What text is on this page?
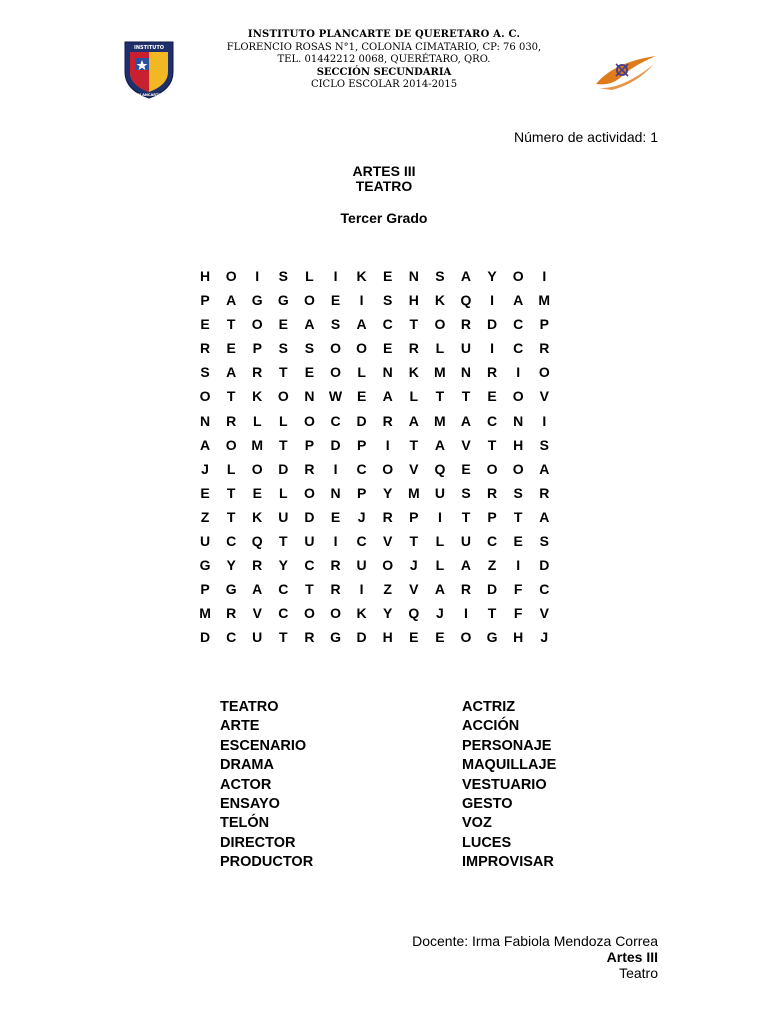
INSTITUTO
PLANCARTE
INSTITUTO PLANCARTE DE QUERÉTARO A. C.
FLORENCIO ROSAS N°1, COLONIA CIMATARIO, CP: 76 030,
TEL. 01442212 0068, QUERÉTARO, QRO.
SECCIÓN SECUNDARIA
CICLO ESCOLAR 2014-2015
Número de actividad: 1
ARTES III
TEATRO
Tercer Grado
H	O	I	S	L	I	K	E	N	S	A	Y	O	I
P	A	G	G	O	E	I	S	H	K	Q	I	A	M
E	T	O	E	A	S	A	C	T	O	R	D	C	P
R	E	P	S	S	O	O	E	R	L	U	I	C	R
S	A	R	T	E	O	L	N	K	M	N	R	I	O
O	T	K	O	N	W	E	A	L	T	T	E	O	V
N	R	L	L	O	C	D	R	A	M	A	C	N	I
A	O	M	T	P	D	P	I	T	A	V	T	H	S
J	L	O	D	R	I	C	O	V	Q	E	O	O	A
E	T	E	L	O	N	P	Y	M	U	S	R	S	R
Z	T	K	U	D	E	J	R	P	I	T	P	T	A
U	C	Q	T	U	I	C	V	T	L	U	C	E	S
G	Y	R	Y	C	R	U	O	J	L	A	Z	I	D
P	G	A	C	T	R	I	Z	V	A	R	D	F	C
M	R	V	C	O	O	K	Y	Q	J	I	T	F	V
D	C	U	T	R	G	D	H	E	E	O	G	H	J
TEATRO
ARTE
ESCENARIO
DRAMA
ACTOR
ENSAYO
TELÓN
DIRECTOR
PRODUCTOR
ACTRIZ
ACCIÓN
PERSONAJE
MAQUILLAJE
VESTUARIO
GESTO
VOZ
LUCES
IMPROVISAR
Docente: Irma Fabiola Mendoza Correa
Artes III
Teatro
